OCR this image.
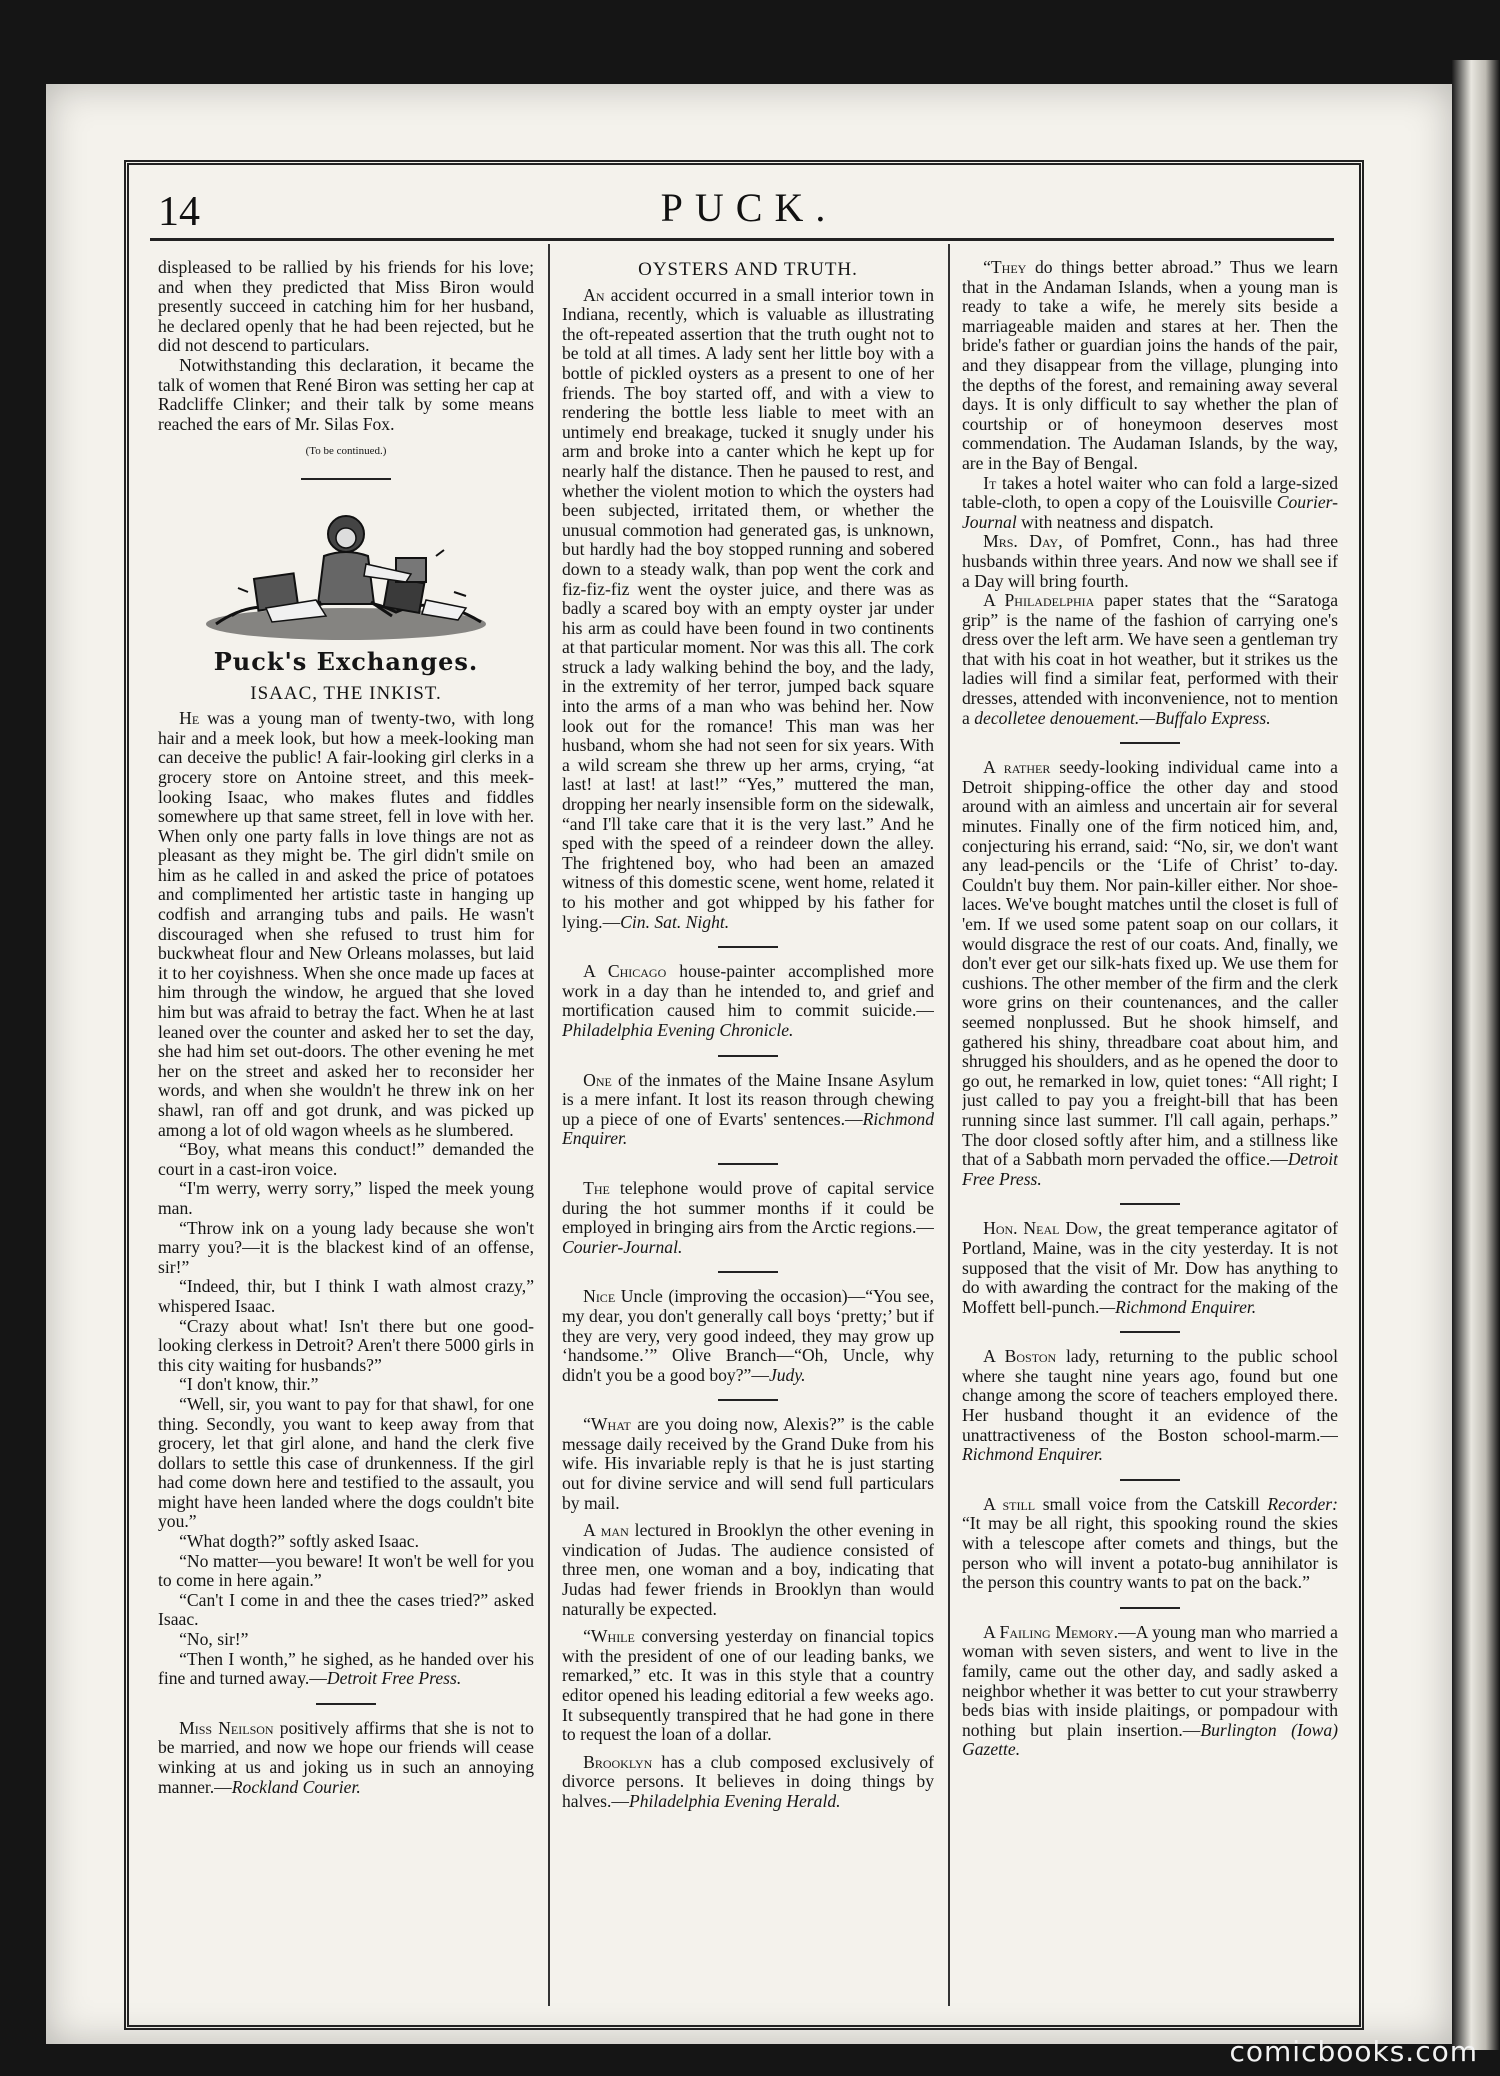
14	PUCK.

displeased to be rallied by his friends for his love; and when they predicted that Miss Biron would presently succeed in catching him for her husband, he declared openly that he had been rejected, but he did not descend to particulars.

Notwithstanding this declaration, it became the talk of women that René Biron was setting her cap at Radcliffe Clinker; and their talk by some means reached the ears of Mr. Silas Fox.

(To be continued.)

Puck's Exchanges.
ISAAC, THE INKIST.

He was a young man of twenty-two, with long hair and a meek look, but how a meek-looking man can deceive the public! A fair-looking girl clerks in a grocery store on Antoine street, and this meek-looking Isaac, who makes flutes and fiddles somewhere up that same street, fell in love with her. When only one party falls in love things are not as pleasant as they might be. The girl didn't smile on him as he called in and asked the price of potatoes and complimented her artistic taste in hanging up codfish and arranging tubs and pails. He wasn't discouraged when she refused to trust him for buckwheat flour and New Orleans molasses, but laid it to her coyishness. When she once made up faces at him through the window, he argued that she loved him but was afraid to betray the fact. When he at last leaned over the counter and asked her to set the day, she had him set out-doors. The other evening he met her on the street and asked her to reconsider her words, and when she wouldn't he threw ink on her shawl, ran off and got drunk, and was picked up among a lot of old wagon wheels as he slumbered.

“Boy, what means this conduct!” demanded the court in a cast-iron voice.

“I'm werry, werry sorry,” lisped the meek young man.

“Throw ink on a young lady because she won't marry you?—it is the blackest kind of an offense, sir!”

“Indeed, thir, but I think I wath almost crazy,” whispered Isaac.

“Crazy about what! Isn't there but one good-looking clerkess in Detroit? Aren't there 5000 girls in this city waiting for husbands?”

“I don't know, thir.”

“Well, sir, you want to pay for that shawl, for one thing. Secondly, you want to keep away from that grocery, let that girl alone, and hand the clerk five dollars to settle this case of drunkenness. If the girl had come down here and testified to the assault, you might have heen landed where the dogs couldn't bite you.”

“What dogth?” softly asked Isaac.

“No matter—you beware! It won't be well for you to come in here again.”

“Can't I come in and thee the cases tried?” asked Isaac.

“No, sir!”

“Then I wonth,” he sighed, as he handed over his fine and turned away.—Detroit Free Press.

Miss Neilson positively affirms that she is not to be married, and now we hope our friends will cease winking at us and joking us in such an annoying manner.—Rockland Courier.

OYSTERS AND TRUTH.

An accident occurred in a small interior town in Indiana, recently, which is valuable as illustrating the oft-repeated assertion that the truth ought not to be told at all times. A lady sent her little boy with a bottle of pickled oysters as a present to one of her friends. The boy started off, and with a view to rendering the bottle less liable to meet with an untimely end breakage, tucked it snugly under his arm and broke into a canter which he kept up for nearly half the distance. Then he paused to rest, and whether the violent motion to which the oysters had been subjected, irritated them, or whether the unusual commotion had generated gas, is unknown, but hardly had the boy stopped running and sobered down to a steady walk, than pop went the cork and fiz-fiz-fiz went the oyster juice, and there was as badly a scared boy with an empty oyster jar under his arm as could have been found in two continents at that particular moment. Nor was this all. The cork struck a lady walking behind the boy, and the lady, in the extremity of her terror, jumped back square into the arms of a man who was behind her. Now look out for the romance! This man was her husband, whom she had not seen for six years. With a wild scream she threw up her arms, crying, “at last! at last! at last!” “Yes,” muttered the man, dropping her nearly insensible form on the sidewalk, “and I'll take care that it is the very last.” And he sped with the speed of a reindeer down the alley. The frightened boy, who had been an amazed witness of this domestic scene, went home, related it to his mother and got whipped by his father for lying.—Cin. Sat. Night.

A Chicago house-painter accomplished more work in a day than he intended to, and grief and mortification caused him to commit suicide.—Philadelphia Evening Chronicle.

One of the inmates of the Maine Insane Asylum is a mere infant. It lost its reason through chewing up a piece of one of Evarts' sentences.—Richmond Enquirer.

The telephone would prove of capital service during the hot summer months if it could be employed in bringing airs from the Arctic regions.—Courier-Journal.

Nice Uncle (improving the occasion)—“You see, my dear, you don't generally call boys ‘pretty;’ but if they are very, very good indeed, they may grow up ‘handsome.’” Olive Branch—“Oh, Uncle, why didn't you be a good boy?”—Judy.

“What are you doing now, Alexis?” is the cable message daily received by the Grand Duke from his wife. His invariable reply is that he is just starting out for divine service and will send full particulars by mail.

A man lectured in Brooklyn the other evening in vindication of Judas. The audience consisted of three men, one woman and a boy, indicating that Judas had fewer friends in Brooklyn than would naturally be expected.

“While conversing yesterday on financial topics with the president of one of our leading banks, we remarked,” etc. It was in this style that a country editor opened his leading editorial a few weeks ago. It subsequently transpired that he had gone in there to request the loan of a dollar.

Brooklyn has a club composed exclusively of divorce persons. It believes in doing things by halves.—Philadelphia Evening Herald.

“They do things better abroad.” Thus we learn that in the Andaman Islands, when a young man is ready to take a wife, he merely sits beside a marriageable maiden and stares at her. Then the bride's father or guardian joins the hands of the pair, and they disappear from the village, plunging into the depths of the forest, and remaining away several days. It is only difficult to say whether the plan of courtship or of honeymoon deserves most commendation. The Audaman Islands, by the way, are in the Bay of Bengal.

It takes a hotel waiter who can fold a large-sized table-cloth, to open a copy of the Louisville Courier-Journal with neatness and dispatch.

Mrs. Day, of Pomfret, Conn., has had three husbands within three years. And now we shall see if a Day will bring fourth.

A Philadelphia paper states that the “Saratoga grip” is the name of the fashion of carrying one's dress over the left arm. We have seen a gentleman try that with his coat in hot weather, but it strikes us the ladies will find a similar feat, performed with their dresses, attended with inconvenience, not to mention a decolletee denouement.—Buffalo Express.

A rather seedy-looking individual came into a Detroit shipping-office the other day and stood around with an aimless and uncertain air for several minutes. Finally one of the firm noticed him, and, conjecturing his errand, said: “No, sir, we don't want any lead-pencils or the ‘Life of Christ’ to-day. Couldn't buy them. Nor pain-killer either. Nor shoe-laces. We've bought matches until the closet is full of 'em. If we used some patent soap on our collars, it would disgrace the rest of our coats. And, finally, we don't ever get our silk-hats fixed up. We use them for cushions. The other member of the firm and the clerk wore grins on their countenances, and the caller seemed nonplussed. But he shook himself, and gathered his shiny, threadbare coat about him, and shrugged his shoulders, and as he opened the door to go out, he remarked in low, quiet tones: “All right; I just called to pay you a freight-bill that has been running since last summer. I'll call again, perhaps.” The door closed softly after him, and a stillness like that of a Sabbath morn pervaded the office.—Detroit Free Press.

Hon. Neal Dow, the great temperance agitator of Portland, Maine, was in the city yesterday. It is not supposed that the visit of Mr. Dow has anything to do with awarding the contract for the making of the Moffett bell-punch.—Richmond Enquirer.

A Boston lady, returning to the public school where she taught nine years ago, found but one change among the score of teachers employed there. Her husband thought it an evidence of the unattractiveness of the Boston school-marm.—Richmond Enquirer.

A still small voice from the Catskill Recorder: “It may be all right, this spooking round the skies with a telescope after comets and things, but the person who will invent a potato-bug annihilator is the person this country wants to pat on the back.”

A Failing Memory.—A young man who married a woman with seven sisters, and went to live in the family, came out the other day, and sadly asked a neighbor whether it was better to cut your strawberry beds bias with inside plaitings, or pompadour with nothing but plain insertion.—Burlington (Iowa) Gazette.

comicbooks.com
